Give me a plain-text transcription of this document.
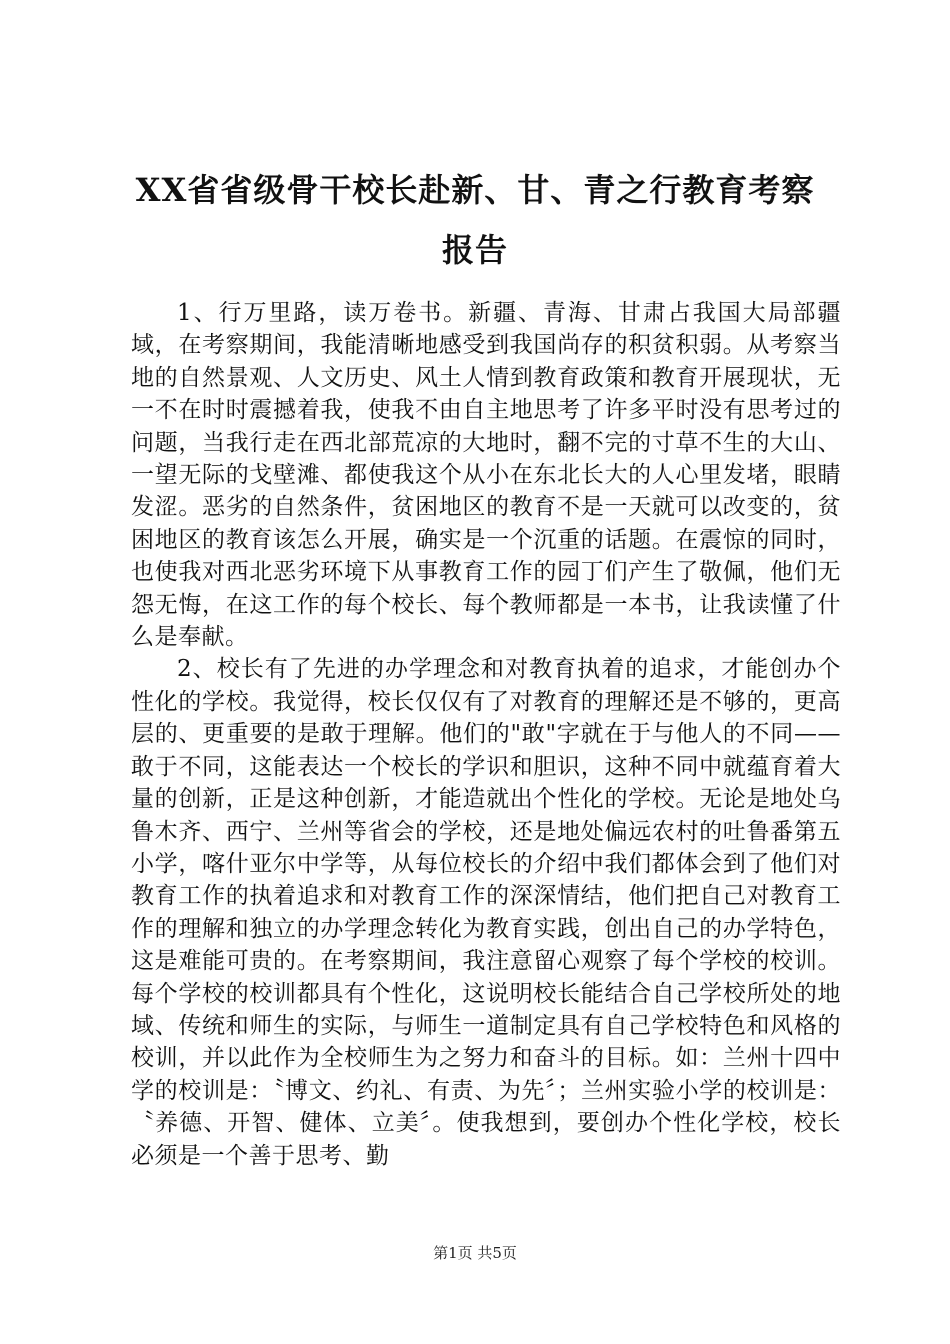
XX省省级骨干校长赴新、甘、青之行教育考察报告

1、行万里路，读万卷书。新疆、青海、甘肃占我国大局部疆域，在考察期间，我能清晰地感受到我国尚存的积贫积弱。从考察当地的自然景观、人文历史、风土人情到教育政策和教育开展现状，无一不在时时震撼着我，使我不由自主地思考了许多平时没有思考过的问题，当我行走在西北部荒凉的大地时，翻不完的寸草不生的大山、一望无际的戈壁滩、都使我这个从小在东北长大的人心里发堵，眼睛发涩。恶劣的自然条件，贫困地区的教育不是一天就可以改变的，贫困地区的教育该怎么开展，确实是一个沉重的话题。在震惊的同时，也使我对西北恶劣环境下从事教育工作的园丁们产生了敬佩，他们无怨无悔，在这工作的每个校长、每个教师都是一本书，让我读懂了什么是奉献。

2、校长有了先进的办学理念和对教育执着的追求，才能创办个性化的学校。我觉得，校长仅仅有了对教育的理解还是不够的，更高层的、更重要的是敢于理解。他们的"敢"字就在于与他人的不同——敢于不同，这能表达一个校长的学识和胆识，这种不同中就蕴育着大量的创新，正是这种创新，才能造就出个性化的学校。无论是地处乌鲁木齐、西宁、兰州等省会的学校，还是地处偏远农村的吐鲁番第五小学，喀什亚尔中学等，从每位校长的介绍中我们都体会到了他们对教育工作的执着追求和对教育工作的深深情结，他们把自己对教育工作的理解和独立的办学理念转化为教育实践，创出自己的办学特色，这是难能可贵的。在考察期间，我注意留心观察了每个学校的校训。每个学校的校训都具有个性化，这说明校长能结合自己学校所处的地域、传统和师生的实际，与师生一道制定具有自己学校特色和风格的校训，并以此作为全校师生为之努力和奋斗的目标。如：兰州十四中学的校训是：〝博文、约礼、有责、为先〞；兰州实验小学的校训是：〝养德、开智、健体、立美〞。使我想到，要创办个性化学校，校长必须是一个善于思考、勤

第1页 共5页
